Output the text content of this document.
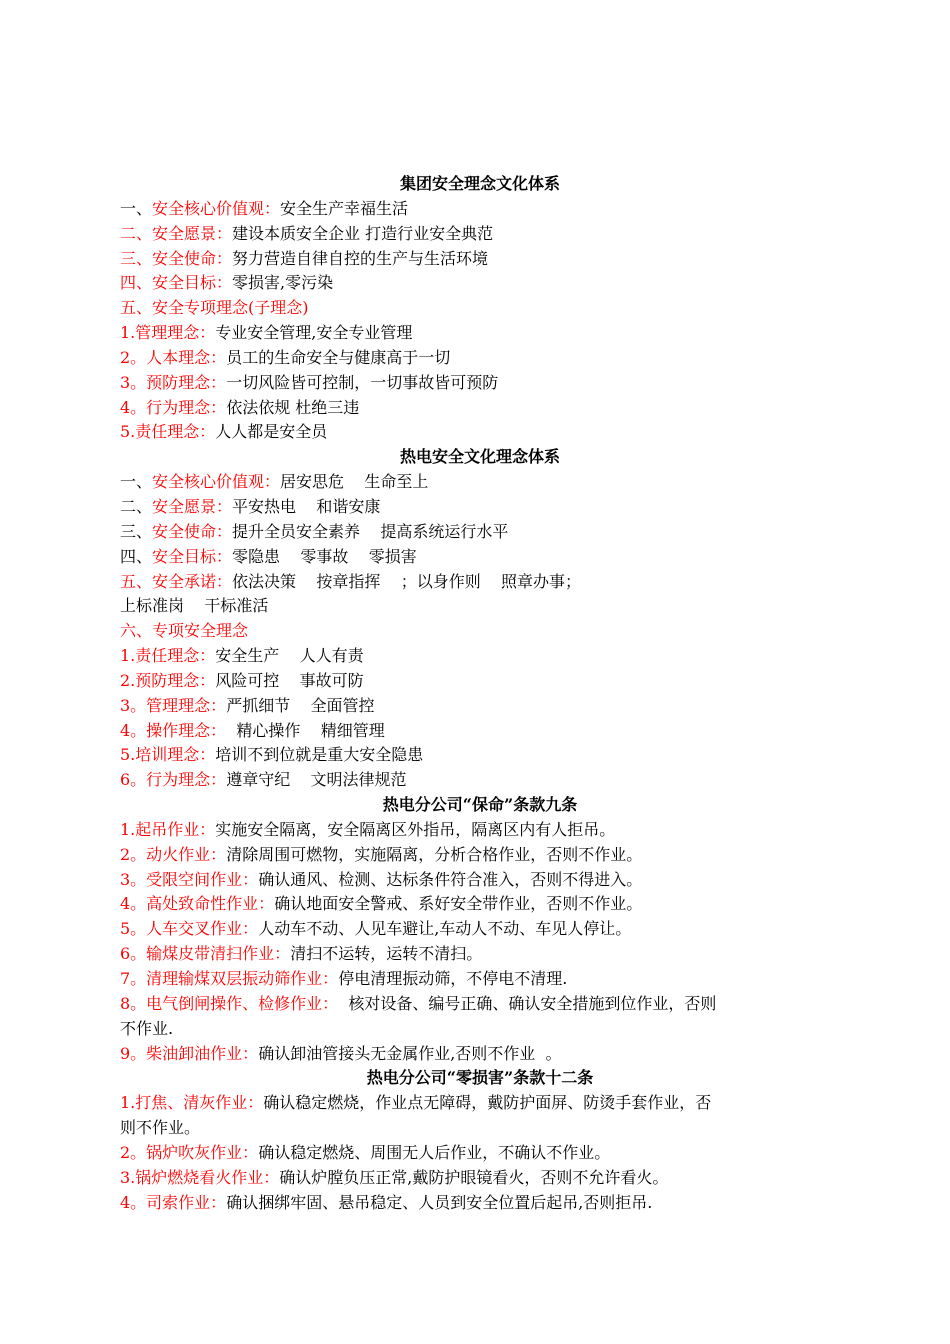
集团安全理念文化体系
一、安全核心价值观：安全生产幸福生活
二、安全愿景：建设本质安全企业 打造行业安全典范
三、安全使命：努力营造自律自控的生产与生活环境
四、安全目标：零损害,零污染
五、安全专项理念(子理念)
1.管理理念：专业安全管理,安全专业管理
2。人本理念：员工的生命安全与健康高于一切
3。预防理念：一切风险皆可控制，一切事故皆可预防
4。行为理念：依法依规 杜绝三违
5.责任理念：人人都是安全员
热电安全文化理念体系
一、安全核心价值观：居安思危    生命至上
二、安全愿景：平安热电    和谐安康
三、安全使命：提升全员安全素养    提高系统运行水平
四、安全目标：零隐患    零事故    零损害
五、安全承诺：依法决策    按章指挥    ；以身作则    照章办事；
上标准岗    干标准活
六、专项安全理念
1.责任理念：安全生产    人人有责
2.预防理念：风险可控    事故可防
3。管理理念：严抓细节    全面管控
4。操作理念：  精心操作    精细管理
5.培训理念：培训不到位就是重大安全隐患
6。行为理念：遵章守纪    文明法律规范
热电分公司“保命”条款九条
1.起吊作业：实施安全隔离，安全隔离区外指吊，隔离区内有人拒吊。
2。动火作业：清除周围可燃物，实施隔离，分析合格作业，否则不作业。
3。受限空间作业：确认通风、检测、达标条件符合准入，否则不得进入。
4。高处致命性作业：确认地面安全警戒、系好安全带作业，否则不作业。
5。人车交叉作业：人动车不动、人见车避让,车动人不动、车见人停让。
6。输煤皮带清扫作业：清扫不运转，运转不清扫。
7。清理输煤双层振动筛作业：停电清理振动筛，不停电不清理.
8。电气倒闸操作、检修作业：  核对设备、编号正确、确认安全措施到位作业，否则
不作业.
9。柴油卸油作业：确认卸油管接头无金属作业,否则不作业  。
热电分公司“零损害”条款十二条
1.打焦、清灰作业：确认稳定燃烧，作业点无障碍，戴防护面屏、防烫手套作业，否
则不作业。
2。锅炉吹灰作业：确认稳定燃烧、周围无人后作业，不确认不作业。
3.锅炉燃烧看火作业：确认炉膛负压正常,戴防护眼镜看火，否则不允许看火。
4。司索作业：确认捆绑牢固、悬吊稳定、人员到安全位置后起吊,否则拒吊.
